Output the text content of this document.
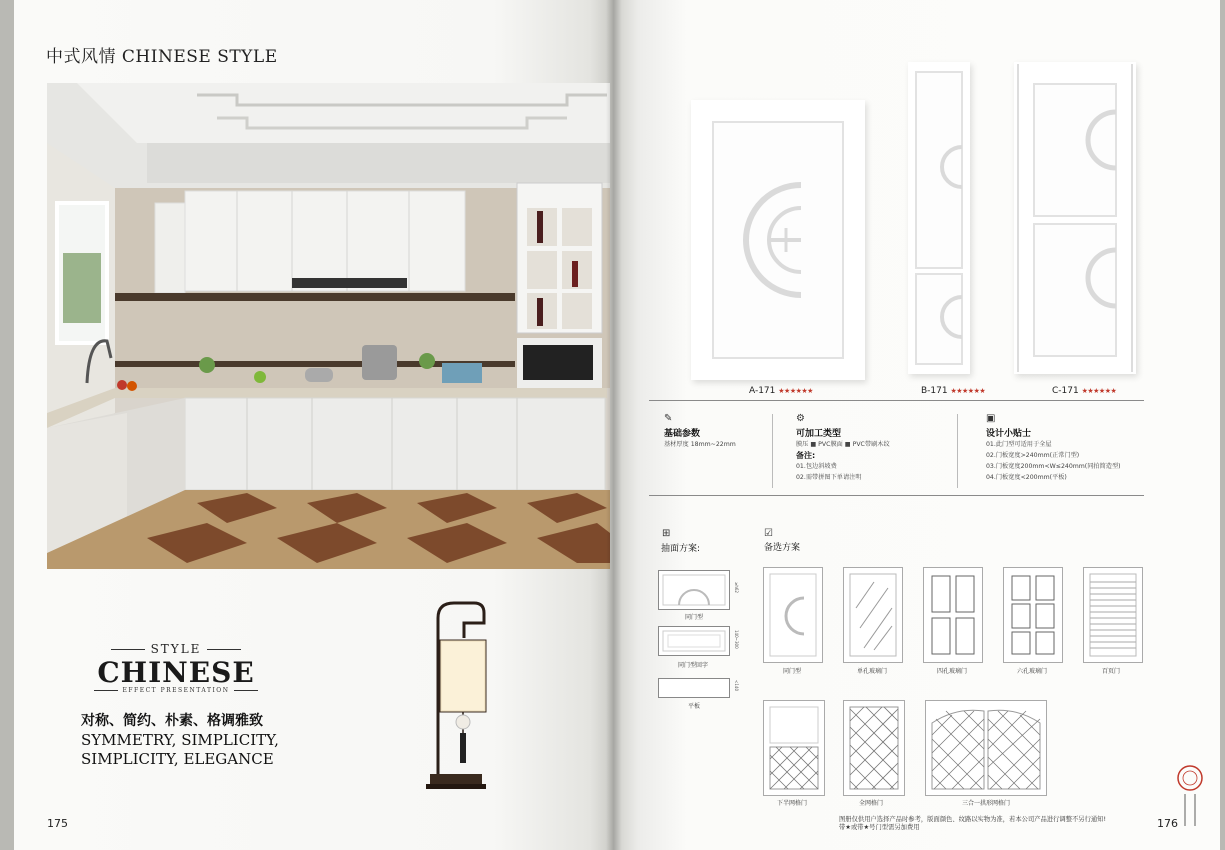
中式风情 CHINESE STYLE
STYLE
CHINESE
EFFECT PRESENTATION
对称、简约、朴素、格调雅致
SYMMETRY, SIMPLICITY,
SIMPLICITY, ELEGANCE
175
A-171 ★★★★★★	B-171 ★★★★★★	C-171 ★★★★★★
✎
基础参数
基材厚度 18mm~22mm
⚙
可加工类型
膜压 ■ PVC膜面 ■ PVC带刷木纹
备注:
01.包边斜坡费
02.需带拼图下单请注明
▣
设计小贴士
01.此门型可适用于全屋
02.门板宽度>240mm(正常门型)
03.门板宽度200mm<W≤240mm(同拍简造型)
04.门板宽度<200mm(平板)
⊞
抽面方案:
同门型
≥h62
同门型回字
140~300
平板
<140
☑
备选方案
同门型	单孔玻璃门	四孔玻璃门	六孔玻璃门	百页门
下半网格门	全网格门	三合一拱形网格门
图册仅供用户选择产品时参考，版面颜色、纹路以实物为准，若本公司产品进行调整不另行通知!
带★或带★号门型需另加费用	176
